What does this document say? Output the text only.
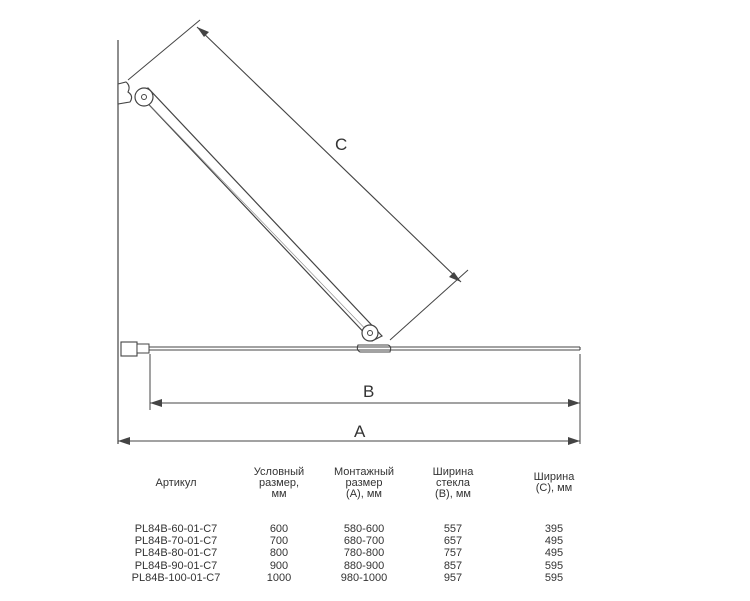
C
B
A
Артикул	Условный
размер,
мм	Монтажный
размер
(А), мм	Ширина
стекла
(В), мм	Ширина
(С), мм
PL84B-60-01-C7	600	580-600	557	395
PL84B-70-01-C7	700	680-700	657	495
PL84B-80-01-C7	800	780-800	757	495
PL84B-90-01-C7	900	880-900	857	595
PL84B-100-01-C7	1000	980-1000	957	595
